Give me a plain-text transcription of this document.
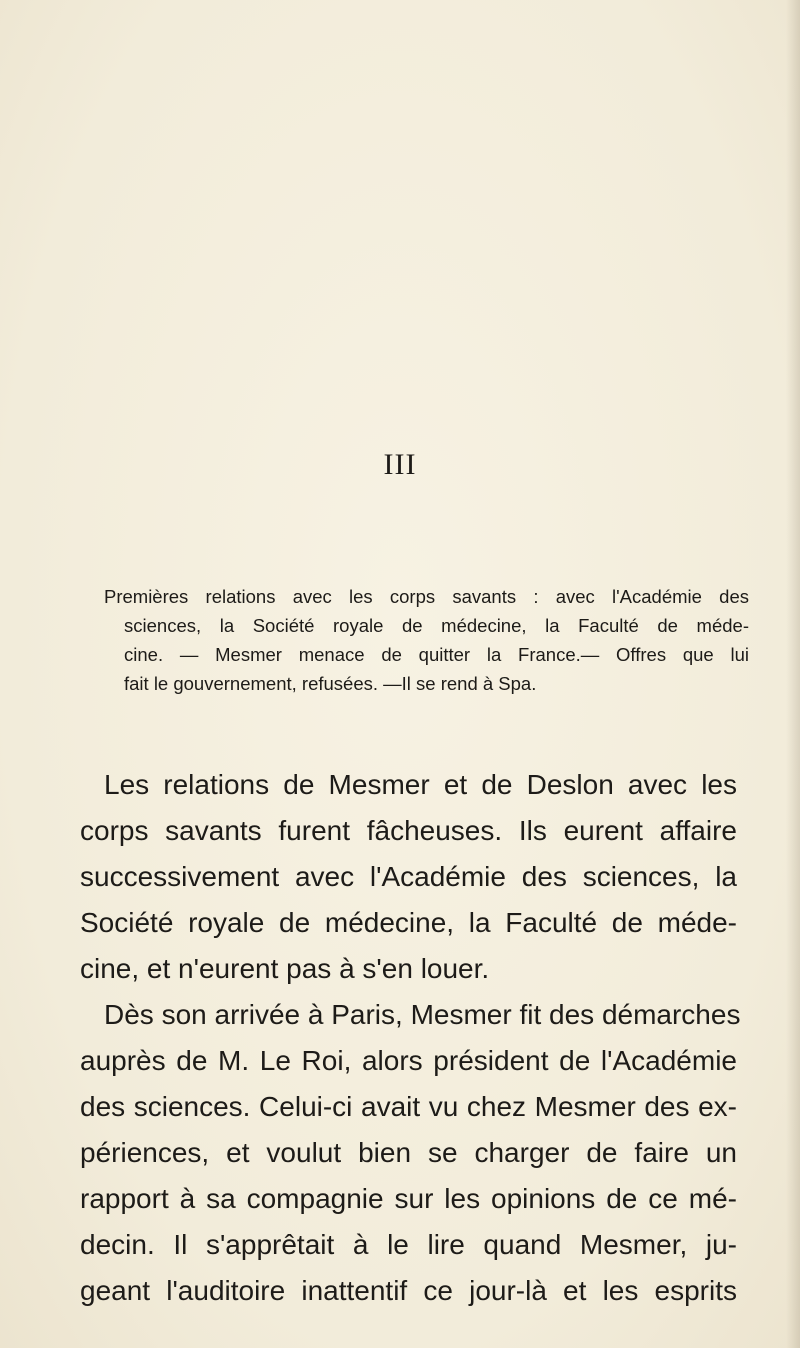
III
Premières relations avec les corps savants : avec l'Académie des
sciences, la Société royale de médecine, la Faculté de méde-
cine. — Mesmer menace de quitter la France.— Offres que lui
fait le gouvernement, refusées. —Il se rend à Spa.
Les relations de Mesmer et de Deslon avec les
corps savants furent fâcheuses. Ils eurent affaire
successivement avec l'Académie des sciences, la
Société royale de médecine, la Faculté de méde-
cine, et n'eurent pas à s'en louer.
Dès son arrivée à Paris, Mesmer fit des démarches
auprès de M. Le Roi, alors président de l'Académie
des sciences. Celui-ci avait vu chez Mesmer des ex-
périences, et voulut bien se charger de faire un
rapport à sa compagnie sur les opinions de ce mé-
decin. Il s'apprêtait à le lire quand Mesmer, ju-
geant l'auditoire inattentif ce jour-là et les esprits
